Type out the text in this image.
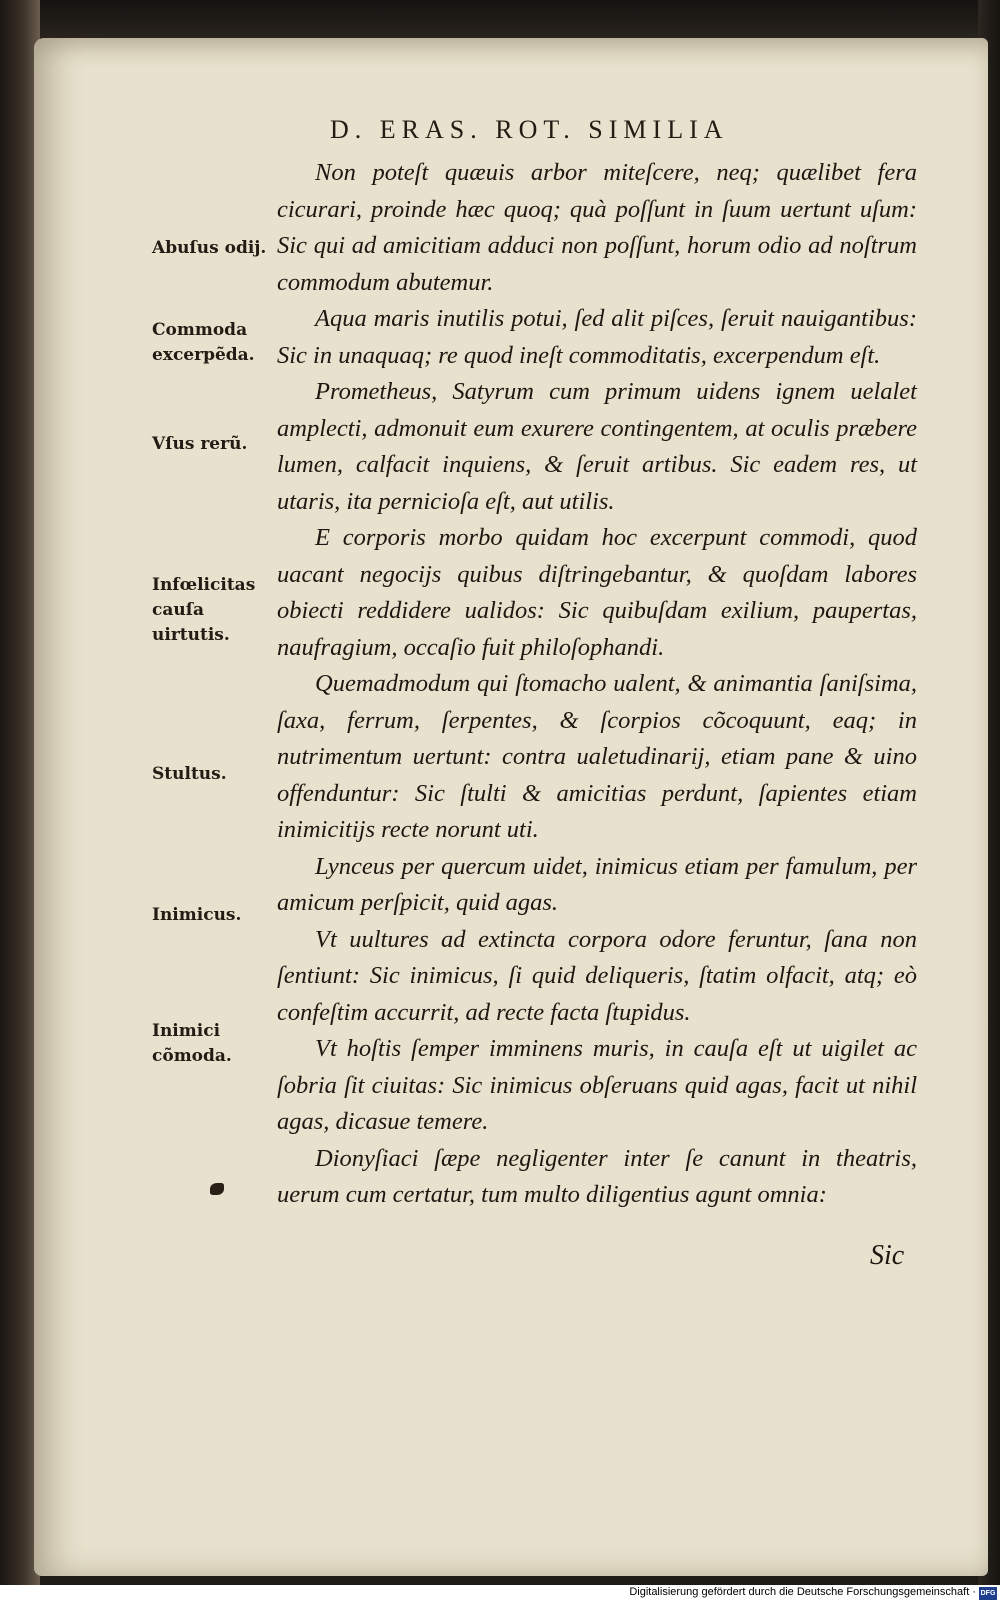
D. ERAS. ROT. SIMILIA

Non poteſt quæuis arbor mitеſcere, neq; quælibet fera cicurari, proinde hæc quoq; quà poſſunt in ſuum uertunt uſum: Sic qui ad amicitiam adduci non poſſunt, horum odio ad noſtrum commodum abutemur.

Aqua maris inutilis potui, ſed alit piſces, ſeruit nauigantibus: Sic in unaquaq; re quod ineſt commoditatis, excerpendum eſt.

Prometheus, Satyrum cum primum uidens ignem uelalet amplecti, admonuit eum exurere contingentem, at oculis præbere lumen, calfacit inquiens, & ſeruit artibus. Sic eadem res, ut utaris, ita pernicioſa eſt, aut utilis.

E corporis morbo quidam hoc excerpunt commodi, quod uacant negocijs quibus diſtringebantur, & quoſdam labores obiecti reddidere ualidos: Sic quibuſdam exilium, paupertas, naufragium, occaſio fuit philoſophandi.

Quemadmodum qui ſtomacho ualent, & animantia ſaniſsima, ſaxa, ferrum, ſerpentes, & ſcorpios cõcoquunt, eaq; in nutrimentum uertunt: contra ualetudinarij, etiam pane & uino offenduntur: Sic ſtulti & amicitias perdunt, ſapientes etiam inimicitijs recte norunt uti.

Lynceus per quercum uidet, inimicus etiam per famulum, per amicum perſpicit, quid agas.

Vt uultures ad extincta corpora odore feruntur, ſana non ſentiunt: Sic inimicus, ſi quid deliqueris, ſtatim olfacit, atq; eò confeſtim accurrit, ad recte facta ſtupidus.

Vt hoſtis ſemper imminens muris, in cauſa eſt ut uigilet ac ſobria ſit ciuitas: Sic inimicus obſeruans quid agas, facit ut nihil agas, dicasue temere.

Dionyſiaci ſæpe negligenter inter ſe canunt in theatris, uerum cum certatur, tum multo diligentius agunt omnia:

Sic
Abuſus odij.
Commoda excerpẽda.
Vſus rerũ.
Infœlicitas cauſa uirtutis.
Stultus.
Inimicus.
Inimici cõmoda.
Digitalisierung gefördert durch die Deutsche Forschungsgemeinschaft · DFG
